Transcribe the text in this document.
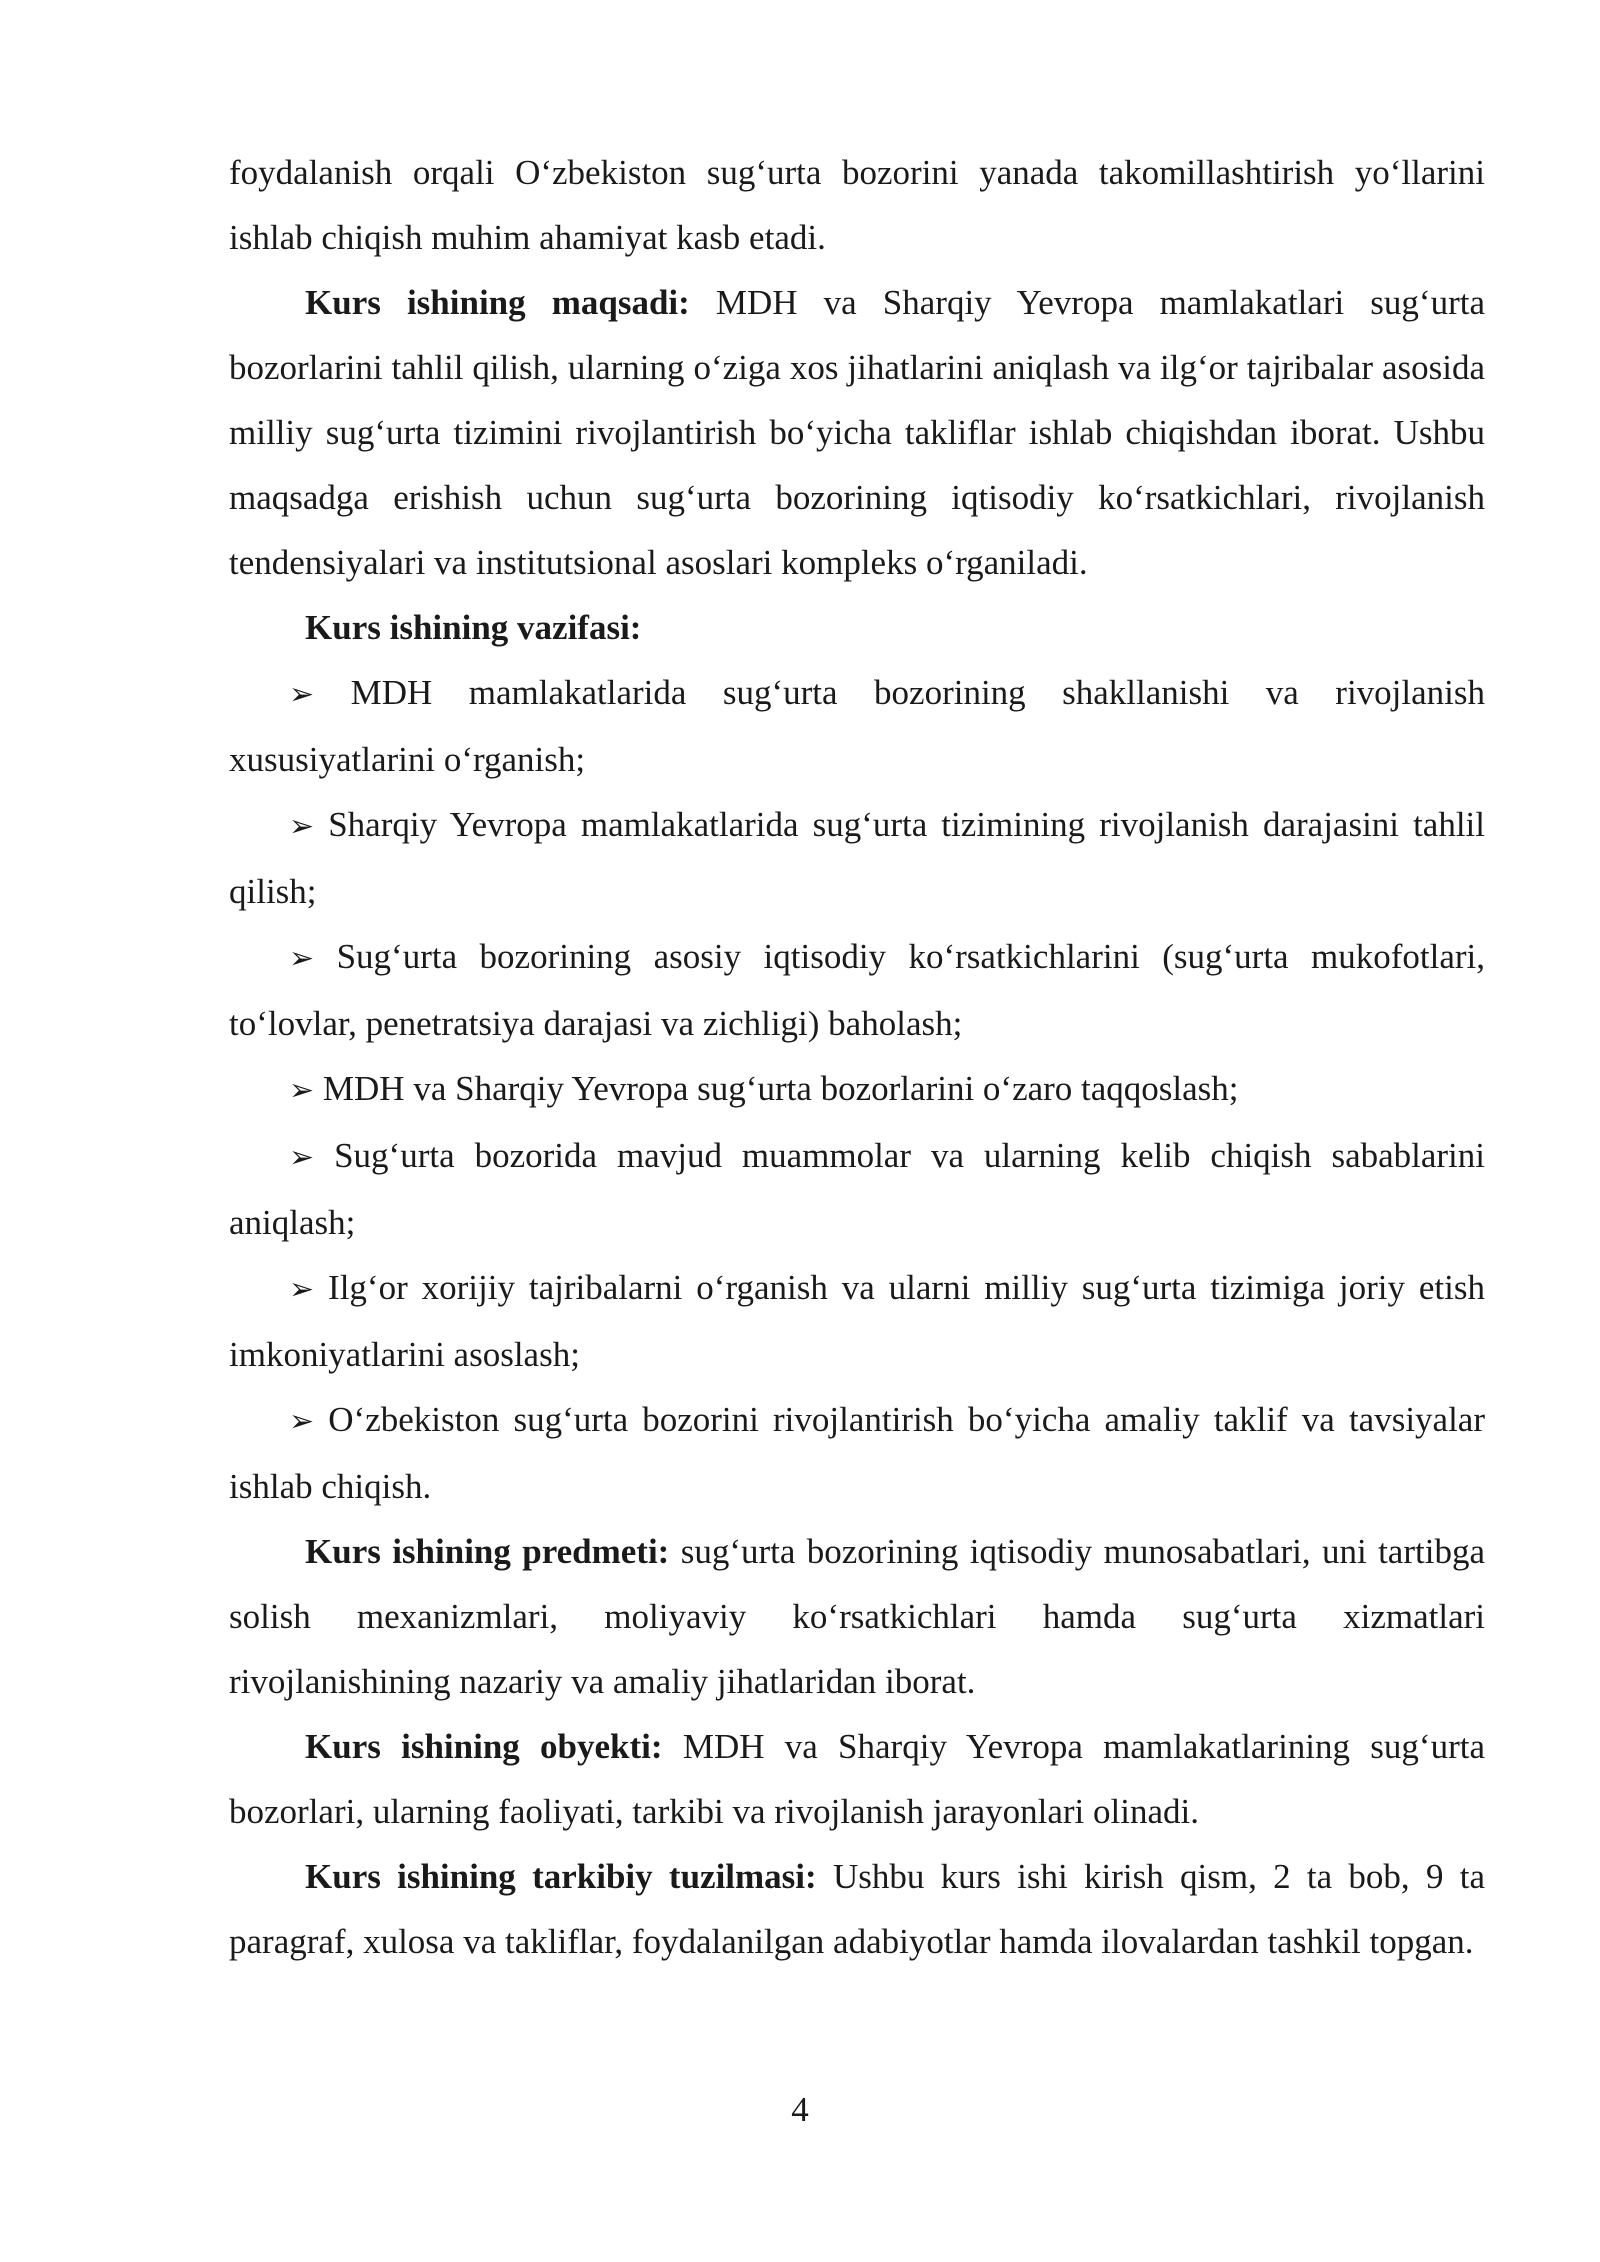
foydalanish orqali O‘zbekiston sug‘urta bozorini yanada takomillashtirish yo‘llarini ishlab chiqish muhim ahamiyat kasb etadi.

Kurs ishining maqsadi: MDH va Sharqiy Yevropa mamlakatlari sug‘urta bozorlarini tahlil qilish, ularning o‘ziga xos jihatlarini aniqlash va ilg‘or tajribalar asosida milliy sug‘urta tizimini rivojlantirish bo‘yicha takliflar ishlab chiqishdan iborat. Ushbu maqsadga erishish uchun sug‘urta bozorining iqtisodiy ko‘rsatkichlari, rivojlanish tendensiyalari va institutsional asoslari kompleks o‘rganiladi.

Kurs ishining vazifasi:

➢ MDH mamlakatlarida sug‘urta bozorining shakllanishi va rivojlanish xususiyatlarini o‘rganish;

➢ Sharqiy Yevropa mamlakatlarida sug‘urta tizimining rivojlanish darajasini tahlil qilish;

➢ Sug‘urta bozorining asosiy iqtisodiy ko‘rsatkichlarini (sug‘urta mukofotlari, to‘lovlar, penetratsiya darajasi va zichligi) baholash;

➢ MDH va Sharqiy Yevropa sug‘urta bozorlarini o‘zaro taqqoslash;

➢ Sug‘urta bozorida mavjud muammolar va ularning kelib chiqish sabablarini aniqlash;

➢ Ilg‘or xorijiy tajribalarni o‘rganish va ularni milliy sug‘urta tizimiga joriy etish imkoniyatlarini asoslash;

➢ O‘zbekiston sug‘urta bozorini rivojlantirish bo‘yicha amaliy taklif va tavsiyalar ishlab chiqish.

Kurs ishining predmeti: sug‘urta bozorining iqtisodiy munosabatlari, uni tartibga solish mexanizmlari, moliyaviy ko‘rsatkichlari hamda sug‘urta xizmatlari rivojlanishining nazariy va amaliy jihatlaridan iborat.

Kurs ishining obyekti: MDH va Sharqiy Yevropa mamlakatlarining sug‘urta bozorlari, ularning faoliyati, tarkibi va rivojlanish jarayonlari olinadi.

Kurs ishining tarkibiy tuzilmasi: Ushbu kurs ishi kirish qism, 2 ta bob, 9 ta paragraf, xulosa va takliflar, foydalanilgan adabiyotlar hamda ilovalardan tashkil topgan.

4
